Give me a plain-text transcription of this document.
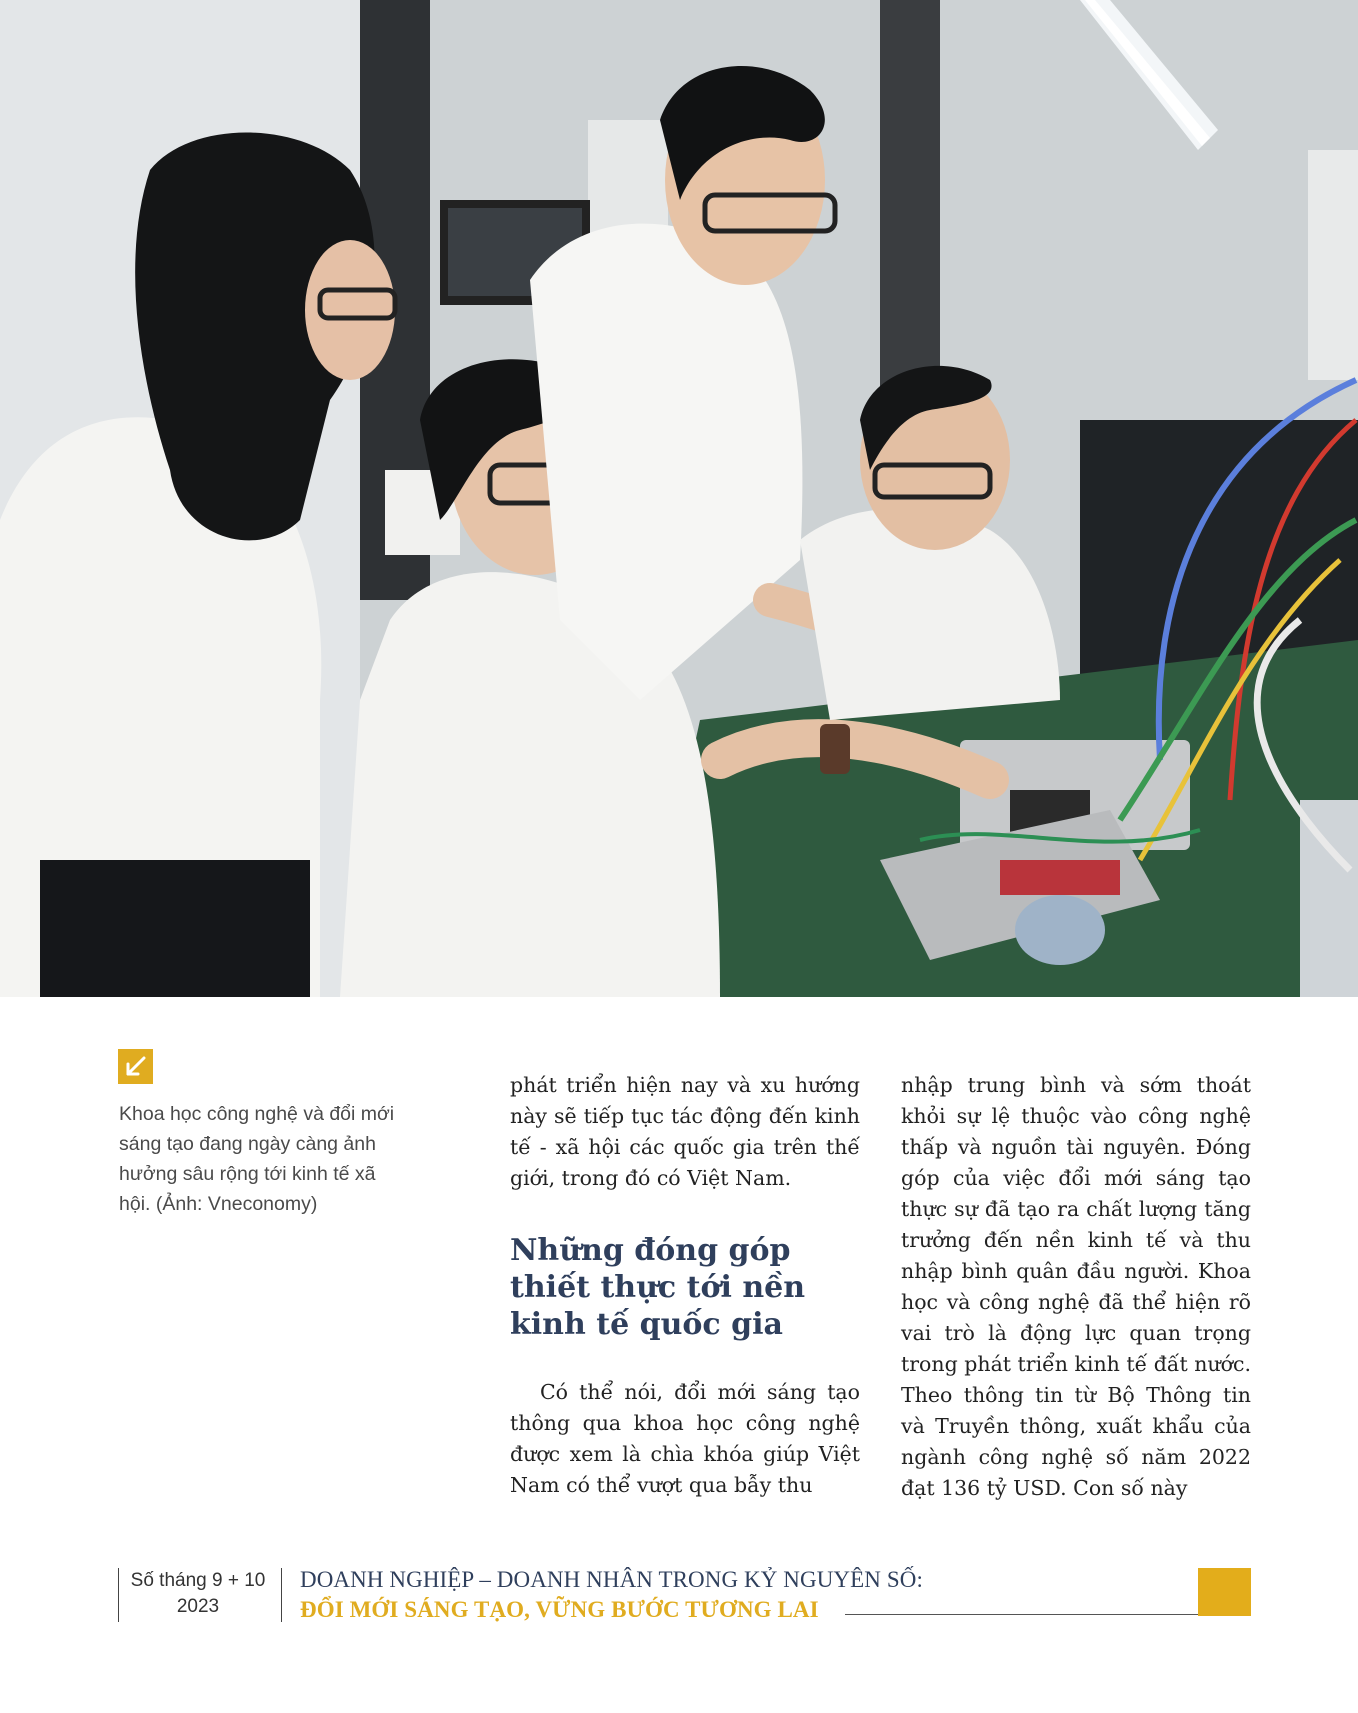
Khoa học công nghệ và đổi mới sáng tạo đang ngày càng ảnh hưởng sâu rộng tới kinh tế xã hội. (Ảnh: Vneconomy)

phát triển hiện nay và xu hướng này sẽ tiếp tục tác động đến kinh tế - xã hội các quốc gia trên thế giới, trong đó có Việt Nam.

Những đóng góp thiết thực tới nền kinh tế quốc gia

Có thể nói, đổi mới sáng tạo thông qua khoa học công nghệ được xem là chìa khóa giúp Việt Nam có thể vượt qua bẫy thu

nhập trung bình và sớm thoát khỏi sự lệ thuộc vào công nghệ thấp và nguồn tài nguyên. Đóng góp của việc đổi mới sáng tạo thực sự đã tạo ra chất lượng tăng trưởng đến nền kinh tế và thu nhập bình quân đầu người. Khoa học và công nghệ đã thể hiện rõ vai trò là động lực quan trọng trong phát triển kinh tế đất nước. Theo thông tin từ Bộ Thông tin và Truyền thông, xuất khẩu của ngành công nghệ số năm 2022 đạt 136 tỷ USD. Con số này

Số tháng 9 + 10
2023
DOANH NGHIỆP – DOANH NHÂN TRONG KỶ NGUYÊN SỐ:
ĐỔI MỚI SÁNG TẠO, VỮNG BƯỚC TƯƠNG LAI
